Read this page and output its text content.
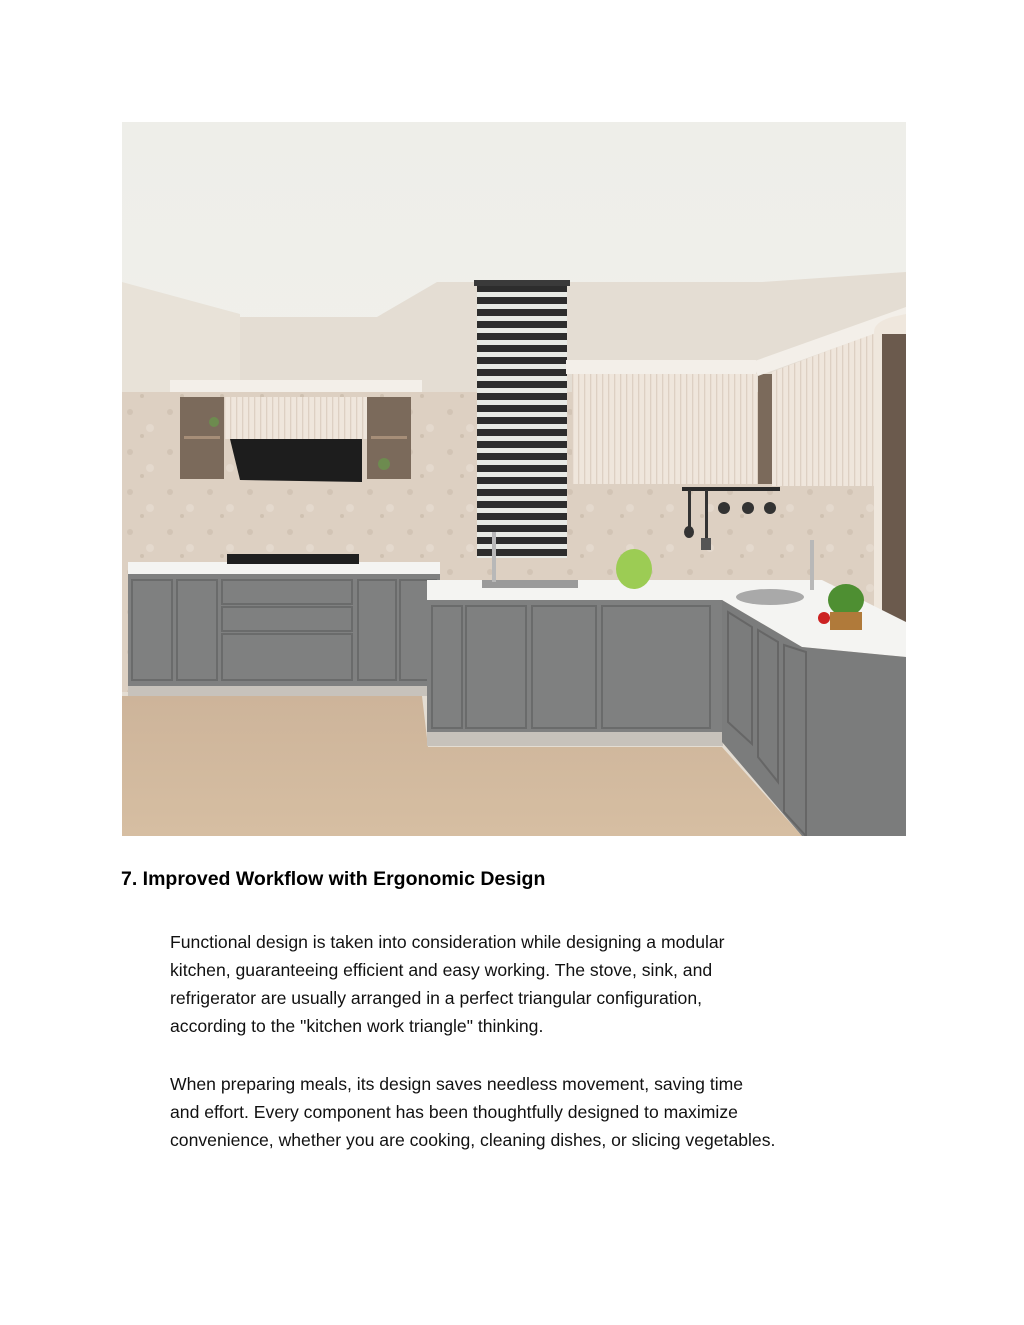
7. Improved Workflow with Ergonomic Design

Functional design is taken into consideration while designing a modular
kitchen, guaranteeing efficient and easy working. The stove, sink, and
refrigerator are usually arranged in a perfect triangular configuration,
according to the "kitchen work triangle" thinking.

When preparing meals, its design saves needless movement, saving time
and effort. Every component has been thoughtfully designed to maximize
convenience, whether you are cooking, cleaning dishes, or slicing vegetables.
